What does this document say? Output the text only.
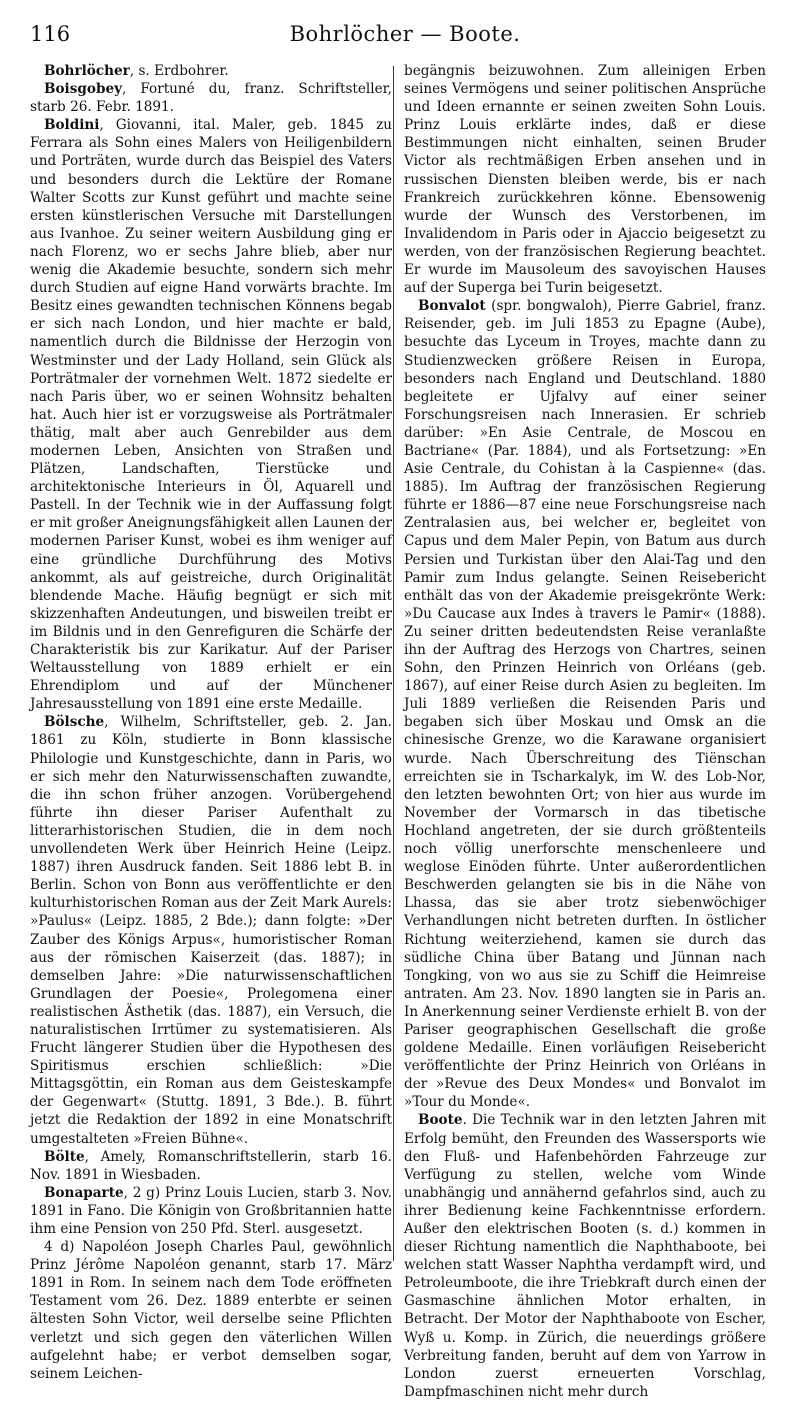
116	Bohrlöcher — Boote.

Bohrlöcher, s. Erdbohrer.

Boisgobey, Fortuné du, franz. Schriftsteller, starb 26. Febr. 1891.

Boldini, Giovanni, ital. Maler, geb. 1845 zu Ferrara als Sohn eines Malers von Heiligenbildern und Porträten, wurde durch das Beispiel des Vaters und besonders durch die Lektüre der Romane Walter Scotts zur Kunst geführt und machte seine ersten künstlerischen Versuche mit Darstellungen aus Ivanhoe. Zu seiner weitern Ausbildung ging er nach Florenz, wo er sechs Jahre blieb, aber nur wenig die Akademie besuchte, sondern sich mehr durch Studien auf eigne Hand vorwärts brachte. Im Besitz eines gewandten technischen Könnens begab er sich nach London, und hier machte er bald, namentlich durch die Bildnisse der Herzogin von Westminster und der Lady Holland, sein Glück als Porträtmaler der vornehmen Welt. 1872 siedelte er nach Paris über, wo er seinen Wohnsitz behalten hat. Auch hier ist er vorzugsweise als Porträtmaler thätig, malt aber auch Genrebilder aus dem modernen Leben, Ansichten von Straßen und Plätzen, Landschaften, Tierstücke und architektonische Interieurs in Öl, Aquarell und Pastell. In der Technik wie in der Auffassung folgt er mit großer Aneignungsfähigkeit allen Launen der modernen Pariser Kunst, wobei es ihm weniger auf eine gründliche Durchführung des Motivs ankommt, als auf geistreiche, durch Originalität blendende Mache. Häufig begnügt er sich mit skizzenhaften Andeutungen, und bisweilen treibt er im Bildnis und in den Genrefiguren die Schärfe der Charakteristik bis zur Karikatur. Auf der Pariser Weltausstellung von 1889 erhielt er ein Ehrendiplom und auf der Münchener Jahresausstellung von 1891 eine erste Medaille.

Bölsche, Wilhelm, Schriftsteller, geb. 2. Jan. 1861 zu Köln, studierte in Bonn klassische Philologie und Kunstgeschichte, dann in Paris, wo er sich mehr den Naturwissenschaften zuwandte, die ihn schon früher anzogen. Vorübergehend führte ihn dieser Pariser Aufenthalt zu litterarhistorischen Studien, die in dem noch unvollendeten Werk über Heinrich Heine (Leipz. 1887) ihren Ausdruck fanden. Seit 1886 lebt B. in Berlin. Schon von Bonn aus veröffentlichte er den kulturhistorischen Roman aus der Zeit Mark Aurels: »Paulus« (Leipz. 1885, 2 Bde.); dann folgte: »Der Zauber des Königs Arpus«, humoristischer Roman aus der römischen Kaiserzeit (das. 1887); in demselben Jahre: »Die naturwissenschaftlichen Grundlagen der Poesie«, Prolegomena einer realistischen Ästhetik (das. 1887), ein Versuch, die naturalistischen Irrtümer zu systematisieren. Als Frucht längerer Studien über die Hypothesen des Spiritismus erschien schließlich: »Die Mittagsgöttin, ein Roman aus dem Geisteskampfe der Gegenwart« (Stuttg. 1891, 3 Bde.). B. führt jetzt die Redaktion der 1892 in eine Monatschrift umgestalteten »Freien Bühne«.

Bölte, Amely, Romanschriftstellerin, starb 16. Nov. 1891 in Wiesbaden.

Bonaparte, 2 g) Prinz Louis Lucien, starb 3. Nov. 1891 in Fano. Die Königin von Großbritannien hatte ihm eine Pension von 250 Pfd. Sterl. ausgesetzt.

4 d) Napoléon Joseph Charles Paul, gewöhnlich Prinz Jérôme Napoléon genannt, starb 17. März 1891 in Rom. In seinem nach dem Tode eröffneten Testament vom 26. Dez. 1889 enterbte er seinen ältesten Sohn Victor, weil derselbe seine Pflichten verletzt und sich gegen den väterlichen Willen aufgelehnt habe; er verbot demselben sogar, seinem Leichen-

begängnis beizuwohnen. Zum alleinigen Erben seines Vermögens und seiner politischen Ansprüche und Ideen ernannte er seinen zweiten Sohn Louis. Prinz Louis erklärte indes, daß er diese Bestimmungen nicht einhalten, seinen Bruder Victor als rechtmäßigen Erben ansehen und in russischen Diensten bleiben werde, bis er nach Frankreich zurückkehren könne. Ebensowenig wurde der Wunsch des Verstorbenen, im Invalidendom in Paris oder in Ajaccio beigesetzt zu werden, von der französischen Regierung beachtet. Er wurde im Mausoleum des savoyischen Hauses auf der Superga bei Turin beigesetzt.

Bonvalot (spr. bongwaloh), Pierre Gabriel, franz. Reisender, geb. im Juli 1853 zu Epagne (Aube), besuchte das Lyceum in Troyes, machte dann zu Studienzwecken größere Reisen in Europa, besonders nach England und Deutschland. 1880 begleitete er Ujfalvy auf einer seiner Forschungsreisen nach Innerasien. Er schrieb darüber: »En Asie Centrale, de Moscou en Bactriane« (Par. 1884), und als Fortsetzung: »En Asie Centrale, du Cohistan à la Caspienne« (das. 1885). Im Auftrag der französischen Regierung führte er 1886—87 eine neue Forschungsreise nach Zentralasien aus, bei welcher er, begleitet von Capus und dem Maler Pepin, von Batum aus durch Persien und Turkistan über den Alai-Tag und den Pamir zum Indus gelangte. Seinen Reisebericht enthält das von der Akademie preisgekrönte Werk: »Du Caucase aux Indes à travers le Pamir« (1888). Zu seiner dritten bedeutendsten Reise veranlaßte ihn der Auftrag des Herzogs von Chartres, seinen Sohn, den Prinzen Heinrich von Orléans (geb. 1867), auf einer Reise durch Asien zu begleiten. Im Juli 1889 verließen die Reisenden Paris und begaben sich über Moskau und Omsk an die chinesische Grenze, wo die Karawane organisiert wurde. Nach Überschreitung des Tiënschan erreichten sie in Tscharkalyk, im W. des Lob-Nor, den letzten bewohnten Ort; von hier aus wurde im November der Vormarsch in das tibetische Hochland angetreten, der sie durch größtenteils noch völlig unerforschte menschenleere und weglose Einöden führte. Unter außerordentlichen Beschwerden gelangten sie bis in die Nähe von Lhassa, das sie aber trotz siebenwöchiger Verhandlungen nicht betreten durften. In östlicher Richtung weiterziehend, kamen sie durch das südliche China über Batang und Jünnan nach Tongking, von wo aus sie zu Schiff die Heimreise antraten. Am 23. Nov. 1890 langten sie in Paris an. In Anerkennung seiner Verdienste erhielt B. von der Pariser geographischen Gesellschaft die große goldene Medaille. Einen vorläufigen Reisebericht veröffentlichte der Prinz Heinrich von Orléans in der »Revue des Deux Mondes« und Bonvalot im »Tour du Monde«.

Boote. Die Technik war in den letzten Jahren mit Erfolg bemüht, den Freunden des Wassersports wie den Fluß- und Hafenbehörden Fahrzeuge zur Verfügung zu stellen, welche vom Winde unabhängig und annähernd gefahrlos sind, auch zu ihrer Bedienung keine Fachkenntnisse erfordern. Außer den elektrischen Booten (s. d.) kommen in dieser Richtung namentlich die Naphthaboote, bei welchen statt Wasser Naphtha verdampft wird, und Petroleumboote, die ihre Triebkraft durch einen der Gasmaschine ähnlichen Motor erhalten, in Betracht. Der Motor der Naphthaboote von Escher, Wyß u. Komp. in Zürich, die neuerdings größere Verbreitung fanden, beruht auf dem von Yarrow in London zuerst erneuerten Vorschlag, Dampfmaschinen nicht mehr durch
